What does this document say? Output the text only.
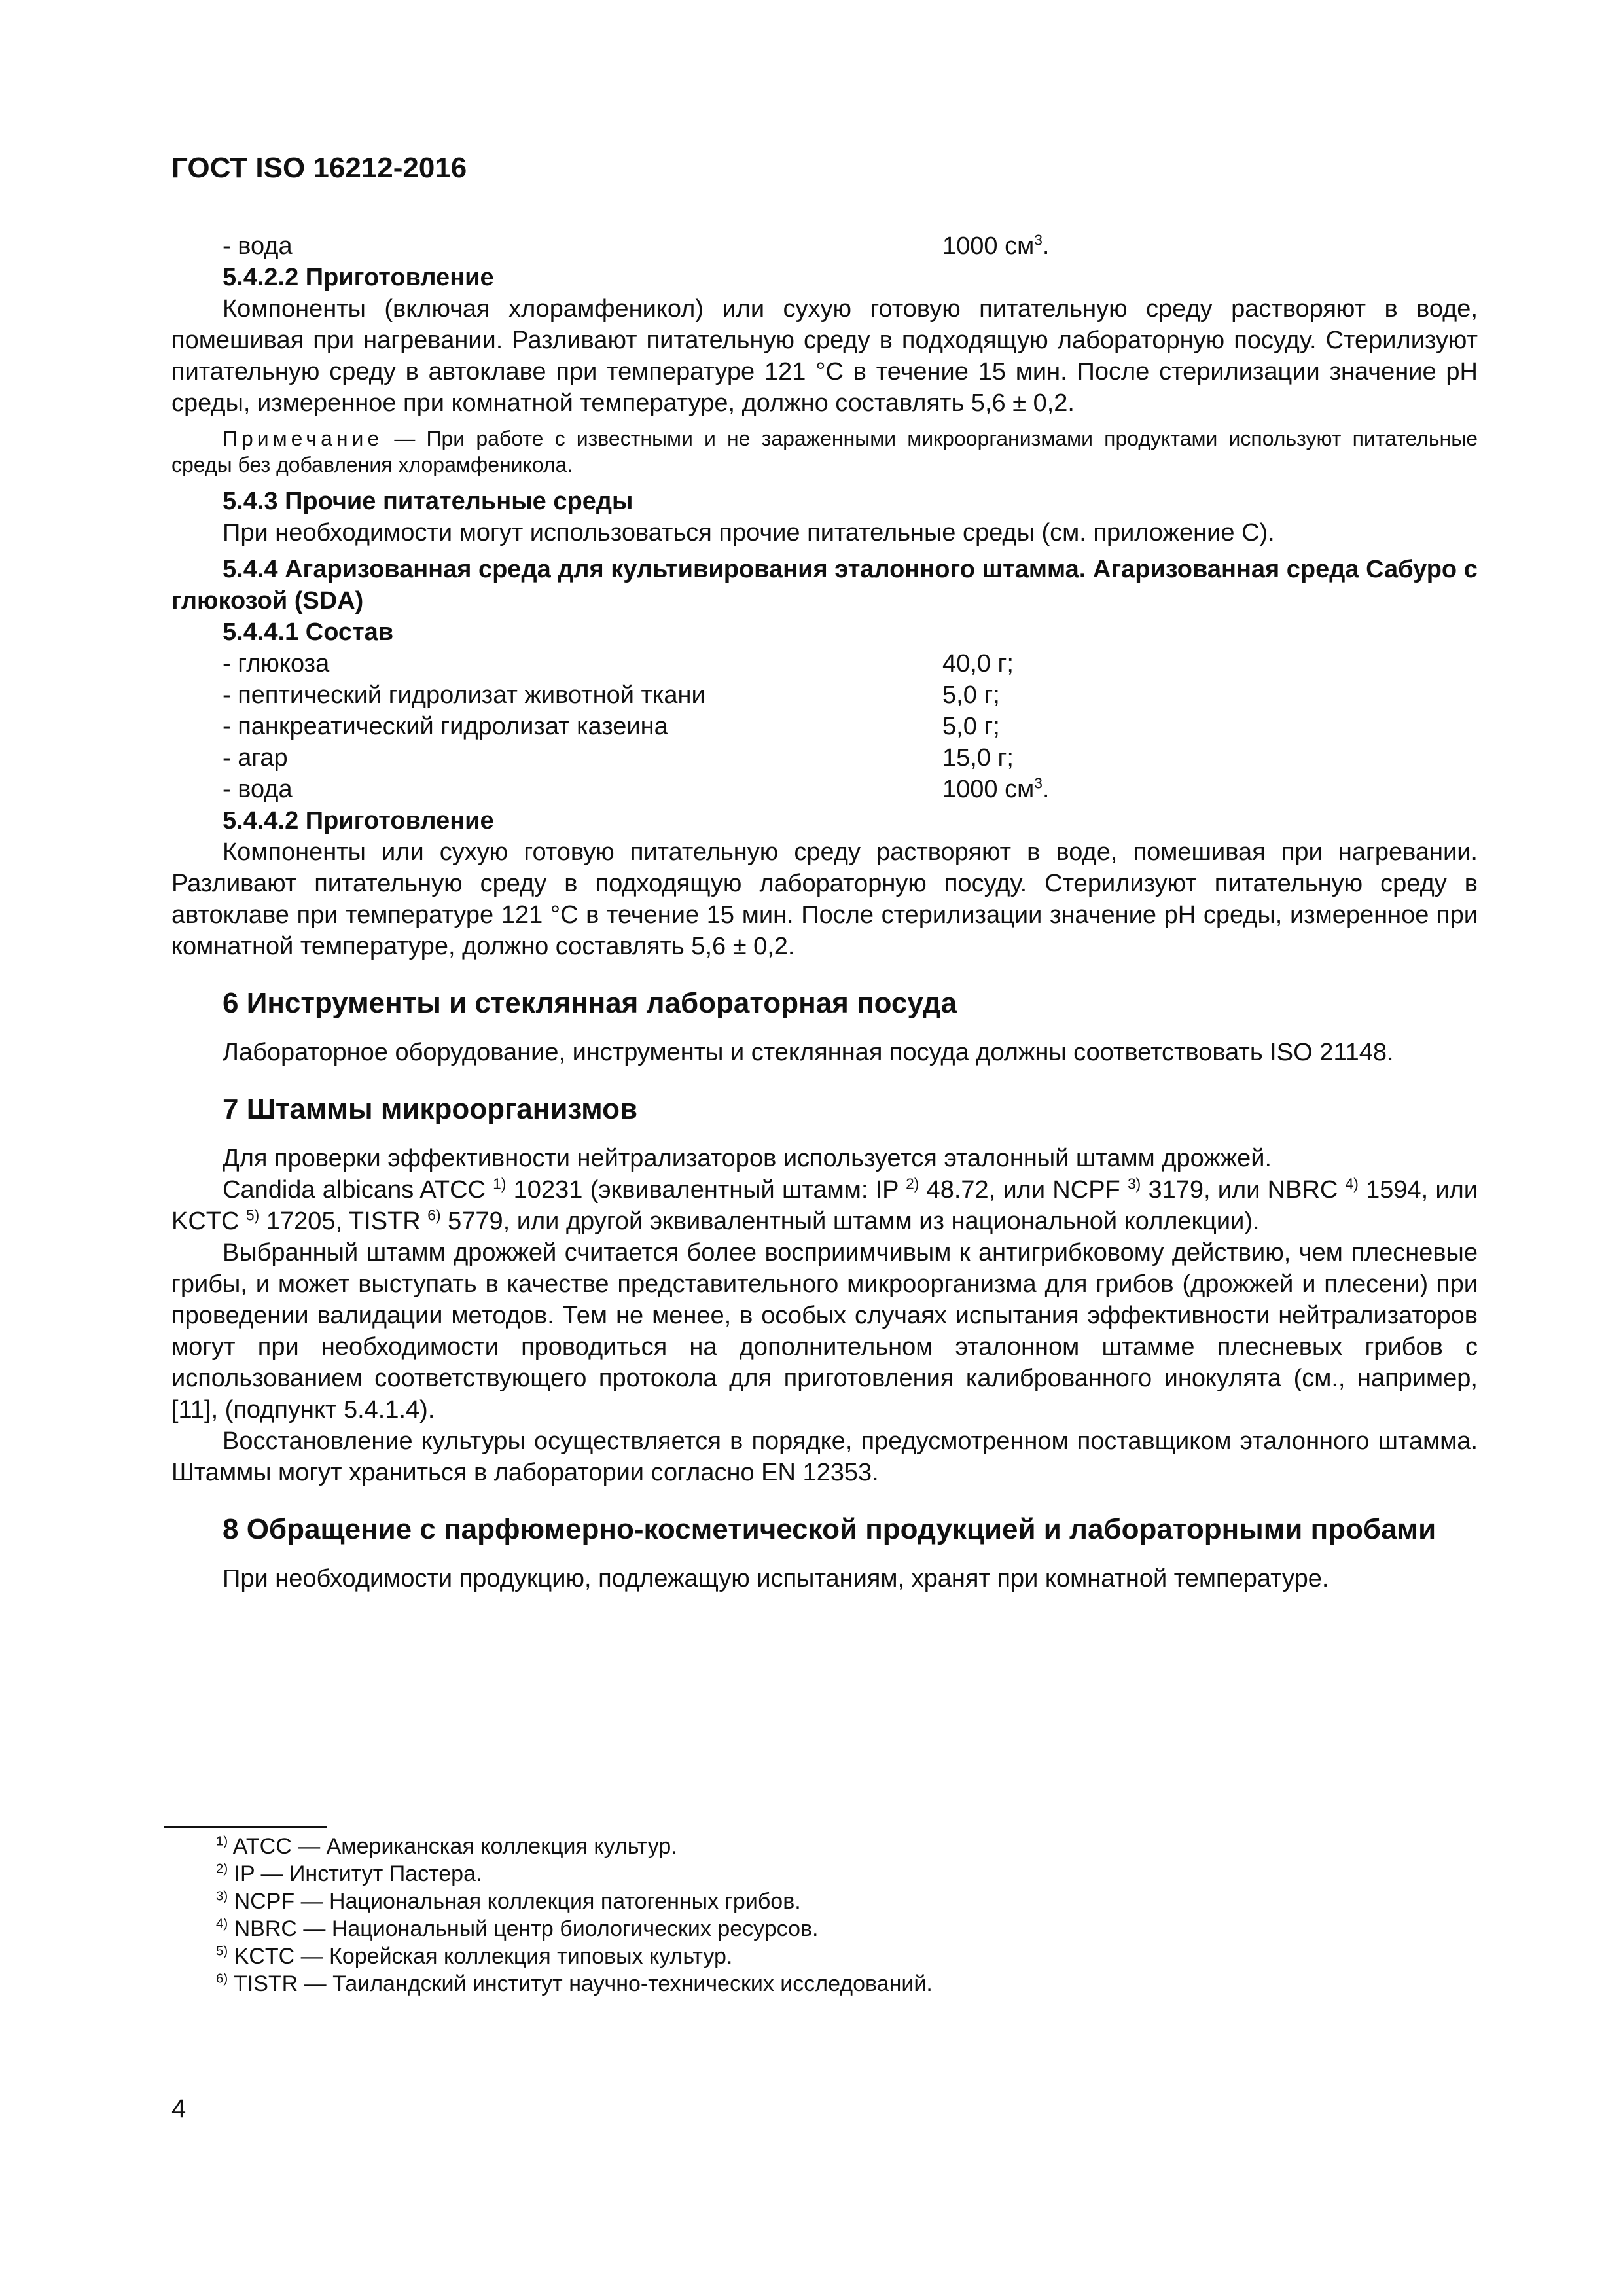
ГОСТ ISO 16212-2016
- вода	1000 $см^3$.
5.4.2.2 Приготовление
Компоненты (включая хлорамфеникол) или сухую готовую питательную среду растворяют в воде, помешивая при нагревании. Разливают питательную среду в подходящую лабораторную посуду. Стерилизуют питательную среду в автоклаве при температуре 121 °C в течение 15 мин. После стерилизации значение pH среды, измеренное при комнатной температуре, должно составлять 5,6 ± 0,2.
Примечание — При работе с известными и не зараженными микроорганизмами продуктами используют питательные среды без добавления хлорамфеникола.
5.4.3 Прочие питательные среды
При необходимости могут использоваться прочие питательные среды (см. приложение C).
5.4.4 Агаризованная среда для культивирования эталонного штамма. Агаризованная среда Сабуро с глюкозой (SDA)
5.4.4.1 Состав
- глюкоза	40,0 г;
- пептический гидролизат животной ткани	5,0 г;
- панкреатический гидролизат казеина	5,0 г;
- агар	15,0 г;
- вода	1000 $см^3$.
5.4.4.2 Приготовление
Компоненты или сухую готовую питательную среду растворяют в воде, помешивая при нагревании. Разливают питательную среду в подходящую лабораторную посуду. Стерилизуют питательную среду в автоклаве при температуре 121 °C в течение 15 мин. После стерилизации значение pH среды, измеренное при комнатной температуре, должно составлять 5,6 ± 0,2.
6 Инструменты и стеклянная лабораторная посуда
Лабораторное оборудование, инструменты и стеклянная посуда должны соответствовать ISO 21148.
7 Штаммы микроорганизмов
Для проверки эффективности нейтрализаторов используется эталонный штамм дрожжей.
Candida albicans ATCC $^{1)}$ 10231 (эквивалентный штамм: IP $^{2)}$ 48.72, или NCPF $^{3)}$ 3179, или NBRC $^{4)}$ 1594, или KCTC $^{5)}$ 17205, TISTR $^{6)}$ 5779, или другой эквивалентный штамм из национальной коллекции).
Выбранный штамм дрожжей считается более восприимчивым к антигрибковому действию, чем плесневые грибы, и может выступать в качестве представительного микроорганизма для грибов (дрожжей и плесени) при проведении валидации методов. Тем не менее, в особых случаях испытания эффективности нейтрализаторов могут при необходимости проводиться на дополнительном эталонном штамме плесневых грибов с использованием соответствующего протокола для приготовления калиброванного инокулята (см., например, [11], (подпункт 5.4.1.4).
Восстановление культуры осуществляется в порядке, предусмотренном поставщиком эталонного штамма. Штаммы могут храниться в лаборатории согласно EN 12353.
8 Обращение с парфюмерно-косметической продукцией и лабораторными пробами
При необходимости продукцию, подлежащую испытаниям, хранят при комнатной температуре.
$^{1)}$ ATCC — Американская коллекция культур.
$^{2)}$ IP — Институт Пастера.
$^{3)}$ NCPF — Национальная коллекция патогенных грибов.
$^{4)}$ NBRC — Национальный центр биологических ресурсов.
$^{5)}$ KCTC — Корейская коллекция типовых культур.
$^{6)}$ TISTR — Таиландский институт научно-технических исследований.
4
